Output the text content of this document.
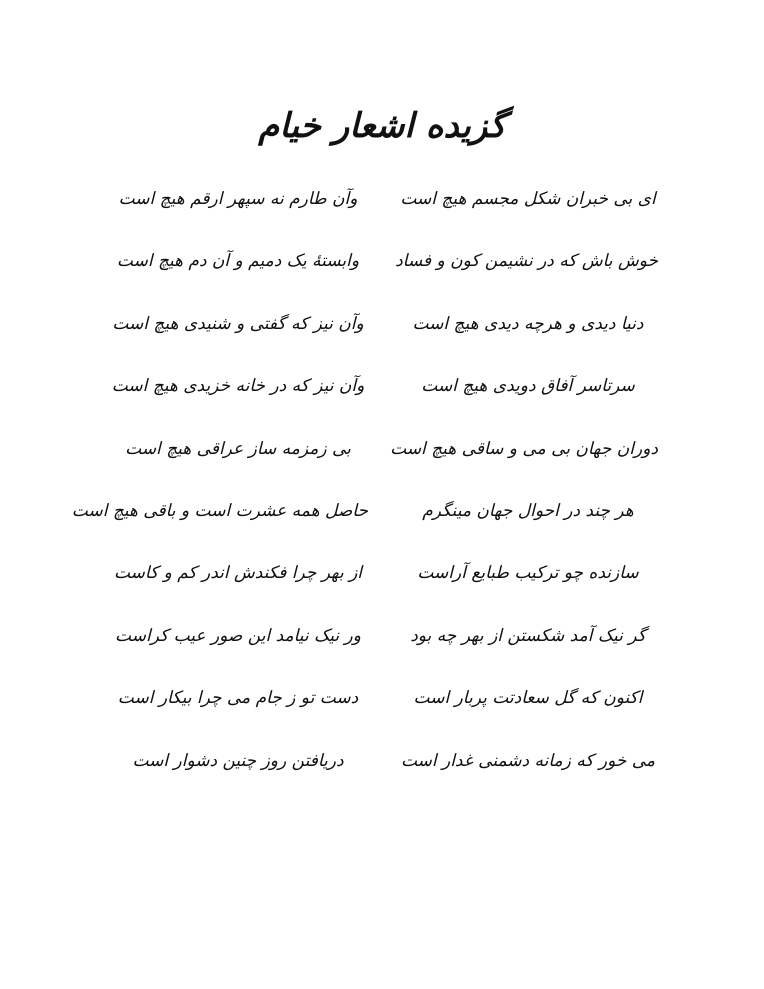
گزیده اشعار خیام
ای بی خبران شکل مجسم هیچ است
وآن طارم نه سپهر ارقم هیچ است
خوش باش که در نشیمن کون و فساد
وابستهٔ یک دمیم و آن دم هیچ است
دنیا دیدی و هرچه دیدی هیچ است
وآن نیز که گفتی و شنیدی هیچ است
سرتاسر آفاق دویدی هیچ است
وآن نیز که در خانه خزیدی هیچ است
دوران جهان بی می و ساقی هیچ است
بی زمزمه ساز عراقی هیچ است
هر چند در احوال جهان مینگرم
حاصل همه عشرت است و باقی هیچ است
سازنده چو ترکیب طبایع آراست
از بهر چرا فکندش اندر کم و کاست
گر نیک آمد شکستن از بهر چه بود
ور نیک نیامد این صور عیب کراست
اکنون که گل سعادتت پربار است
دست تو ز جام می چرا بیکار است
می خور که زمانه دشمنی غدار است
دریافتن روز چنین دشوار است
